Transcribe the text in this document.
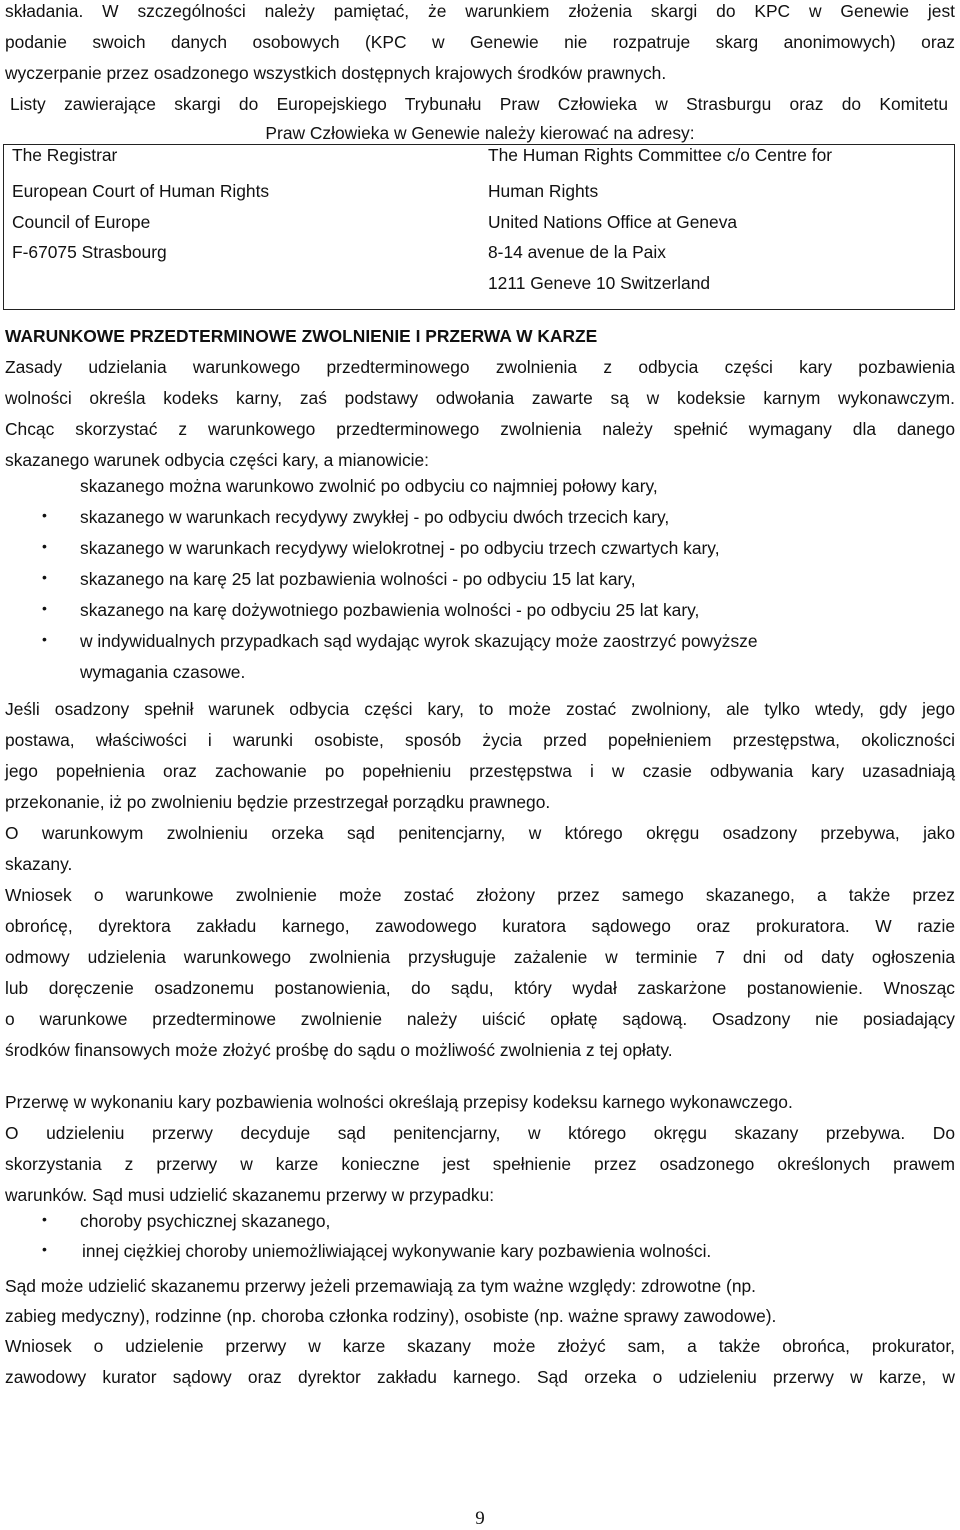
składania. W szczególności należy pamiętać, że warunkiem złożenia skargi do KPC w Genewie jest

podanie swoich danych osobowych (KPC w Genewie nie rozpatruje skarg anonimowych) oraz

wyczerpanie przez osadzonego wszystkich dostępnych krajowych środków prawnych.

Listy zawierające skargi do Europejskiego Trybunału Praw Człowieka w Strasburgu oraz do Komitetu

Praw Człowieka w Genewie należy kierować na adresy:

The Registrar
European Court of Human Rights
Council of Europe
F-67075 Strasbourg
The Human Rights Committee c/o Centre for
Human Rights
United Nations Office at Geneva
8-14 avenue de la Paix
1211 Geneve 10 Switzerland
WARUNKOWE PRZEDTERMINOWE ZWOLNIENIE I PRZERWA W KARZE

Zasady udzielania warunkowego przedterminowego zwolnienia z odbycia części kary pozbawienia

wolności określa kodeks karny, zaś podstawy odwołania zawarte są w kodeksie karnym wykonawczym.

Chcąc skorzystać z warunkowego przedterminowego zwolnienia należy spełnić wymagany dla danego

skazanego warunek odbycia części kary, a mianowicie:

skazanego można warunkowo zwolnić po odbyciu co najmniej połowy kary,
• skazanego w warunkach recydywy zwykłej - po odbyciu dwóch trzecich kary,
• skazanego w warunkach recydywy wielokrotnej - po odbyciu trzech czwartych kary,
• skazanego na karę 25 lat pozbawienia wolności - po odbyciu 15 lat kary,
• skazanego na karę dożywotniego pozbawienia wolności - po odbyciu 25 lat kary,
• w indywidualnych przypadkach sąd wydając wyrok skazujący może zaostrzyć powyższe
wymagania czasowe.

Jeśli osadzony spełnił warunek odbycia części kary, to może zostać zwolniony, ale tylko wtedy, gdy jego

postawa, właściwości i warunki osobiste, sposób życia przed popełnieniem przestępstwa, okoliczności

jego popełnienia oraz zachowanie po popełnieniu przestępstwa i w czasie odbywania kary uzasadniają

przekonanie, iż po zwolnieniu będzie przestrzegał porządku prawnego.

O warunkowym zwolnieniu orzeka sąd penitencjarny, w którego okręgu osadzony przebywa, jako

skazany.

Wniosek o warunkowe zwolnienie może zostać złożony przez samego skazanego, a także przez

obrońcę, dyrektora zakładu karnego, zawodowego kuratora sądowego oraz prokuratora. W razie

odmowy udzielenia warunkowego zwolnienia przysługuje zażalenie w terminie 7 dni od daty ogłoszenia

lub doręczenie osadzonemu postanowienia, do sądu, który wydał zaskarżone postanowienie. Wnosząc

o warunkowe przedterminowe zwolnienie należy uiścić opłatę sądową. Osadzony nie posiadający

środków finansowych może złożyć prośbę do sądu o możliwość zwolnienia z tej opłaty.

Przerwę w wykonaniu kary pozbawienia wolności określają przepisy kodeksu karnego wykonawczego.

O udzieleniu przerwy decyduje sąd penitencjarny, w którego okręgu skazany przebywa. Do

skorzystania z przerwy w karze konieczne jest spełnienie przez osadzonego określonych prawem

warunków. Sąd musi udzielić skazanemu przerwy w przypadku:

• choroby psychicznej skazanego,
• innej ciężkiej choroby uniemożliwiającej wykonywanie kary pozbawienia wolności.

Sąd może udzielić skazanemu przerwy jeżeli przemawiają za tym ważne względy: zdrowotne (np.

zabieg medyczny), rodzinne (np. choroba członka rodziny), osobiste (np. ważne sprawy zawodowe).

Wniosek o udzielenie przerwy w karze skazany może złożyć sam, a także obrońca, prokurator,

zawodowy kurator sądowy oraz dyrektor zakładu karnego. Sąd orzeka o udzieleniu przerwy w karze, w

9
